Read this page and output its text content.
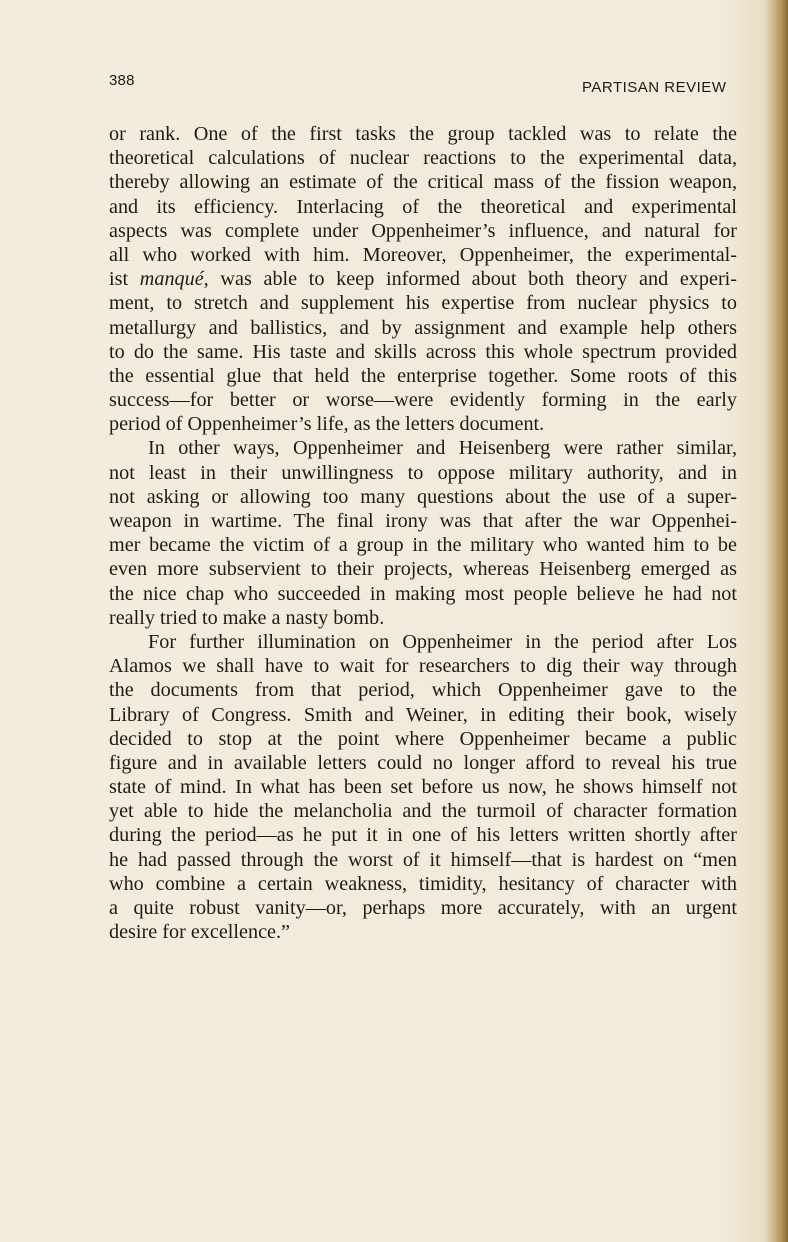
388	PARTISAN REVIEW
or rank. One of the first tasks the group tackled was to relate the
theoretical calculations of nuclear reactions to the experimental data,
thereby allowing an estimate of the critical mass of the fission weapon,
and its efficiency. Interlacing of the theoretical and experimental
aspects was complete under Oppenheimer’s influence, and natural for
all who worked with him. Moreover, Oppenheimer, the experimental-
ist manqué, was able to keep informed about both theory and experi-
ment, to stretch and supplement his expertise from nuclear physics to
metallurgy and ballistics, and by assignment and example help others
to do the same. His taste and skills across this whole spectrum provided
the essential glue that held the enterprise together. Some roots of this
success—for better or worse—were evidently forming in the early
period of Oppenheimer’s life, as the letters document.
In other ways, Oppenheimer and Heisenberg were rather similar,
not least in their unwillingness to oppose military authority, and in
not asking or allowing too many questions about the use of a super-
weapon in wartime. The final irony was that after the war Oppenhei-
mer became the victim of a group in the military who wanted him to be
even more subservient to their projects, whereas Heisenberg emerged as
the nice chap who succeeded in making most people believe he had not
really tried to make a nasty bomb.
For further illumination on Oppenheimer in the period after Los
Alamos we shall have to wait for researchers to dig their way through
the documents from that period, which Oppenheimer gave to the
Library of Congress. Smith and Weiner, in editing their book, wisely
decided to stop at the point where Oppenheimer became a public
figure and in available letters could no longer afford to reveal his true
state of mind. In what has been set before us now, he shows himself not
yet able to hide the melancholia and the turmoil of character formation
during the period—as he put it in one of his letters written shortly after
he had passed through the worst of it himself—that is hardest on “men
who combine a certain weakness, timidity, hesitancy of character with
a quite robust vanity—or, perhaps more accurately, with an urgent
desire for excellence.”
